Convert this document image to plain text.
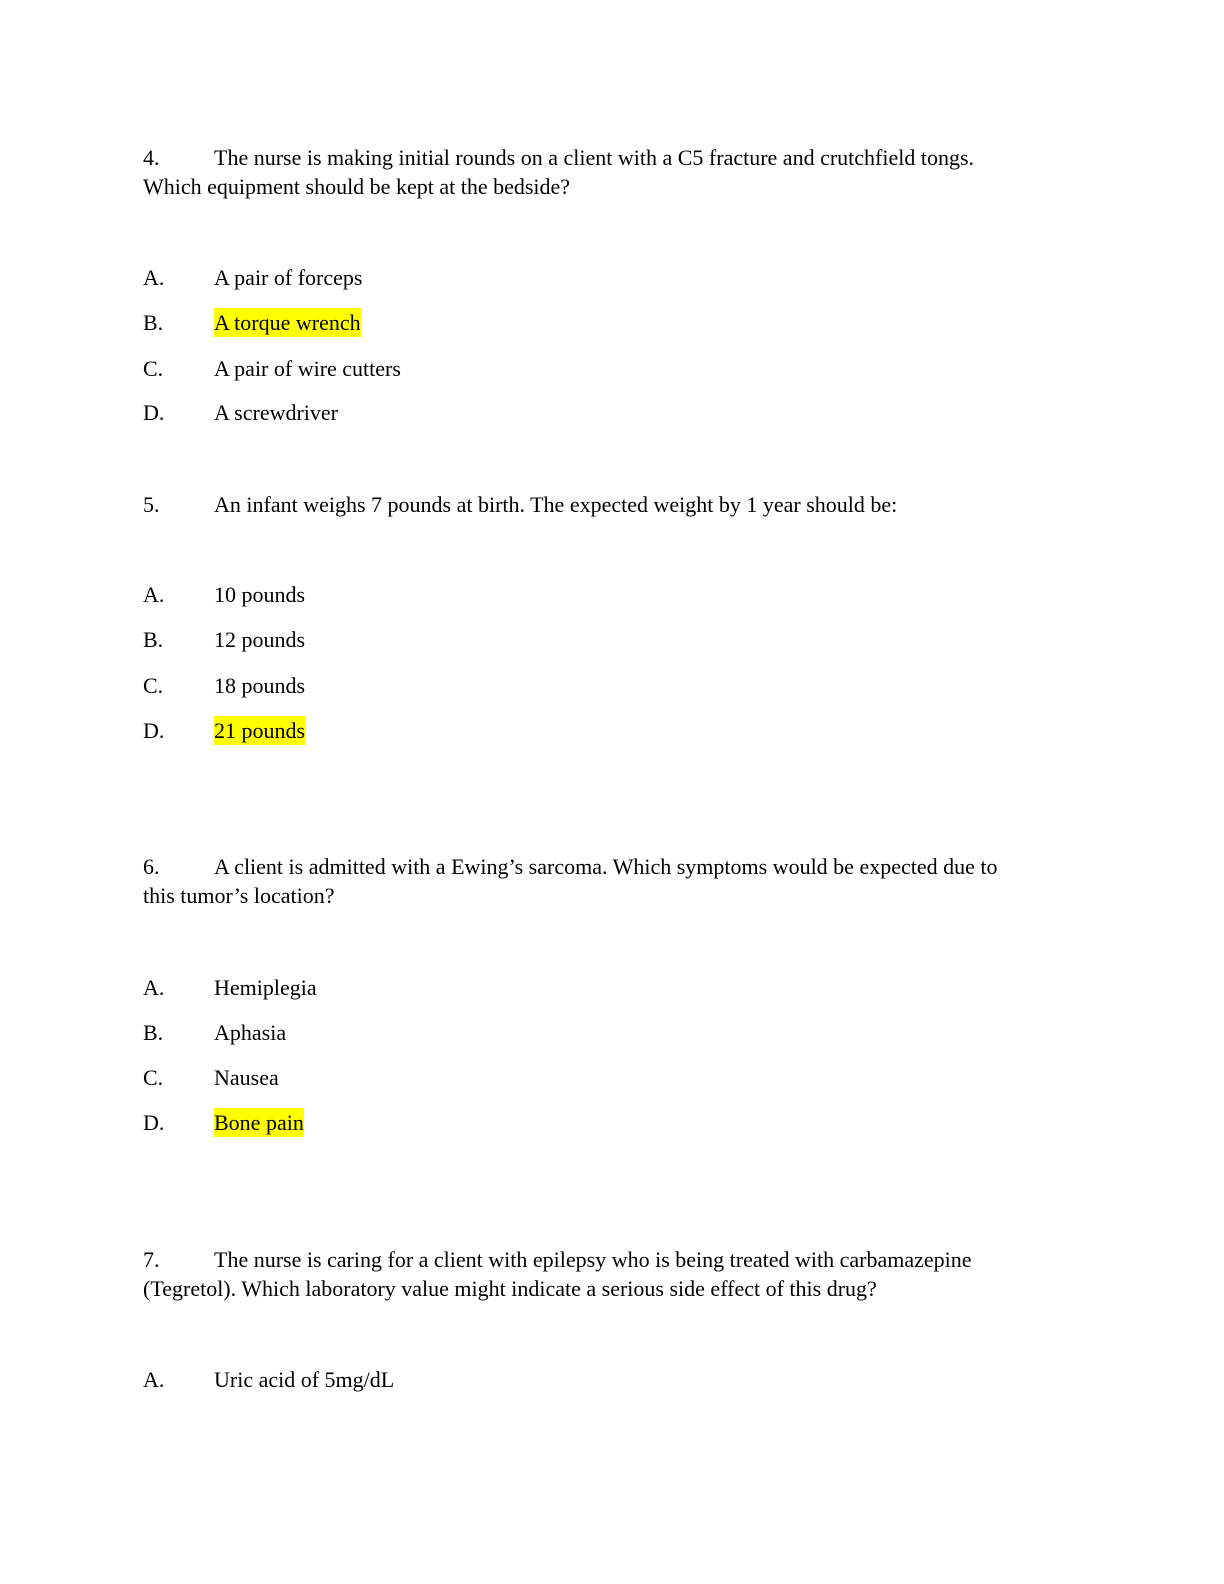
4. The nurse is making initial rounds on a client with a C5 fracture and crutchfield tongs.
Which equipment should be kept at the bedside?
A. A pair of forceps
B. A torque wrench
C. A pair of wire cutters
D. A screwdriver
5. An infant weighs 7 pounds at birth. The expected weight by 1 year should be:
A. 10 pounds
B. 12 pounds
C. 18 pounds
D. 21 pounds
6. A client is admitted with a Ewing’s sarcoma. Which symptoms would be expected due to
this tumor’s location?
A. Hemiplegia
B. Aphasia
C. Nausea
D. Bone pain
7. The nurse is caring for a client with epilepsy who is being treated with carbamazepine
(Tegretol). Which laboratory value might indicate a serious side effect of this drug?
A. Uric acid of 5mg/dL
